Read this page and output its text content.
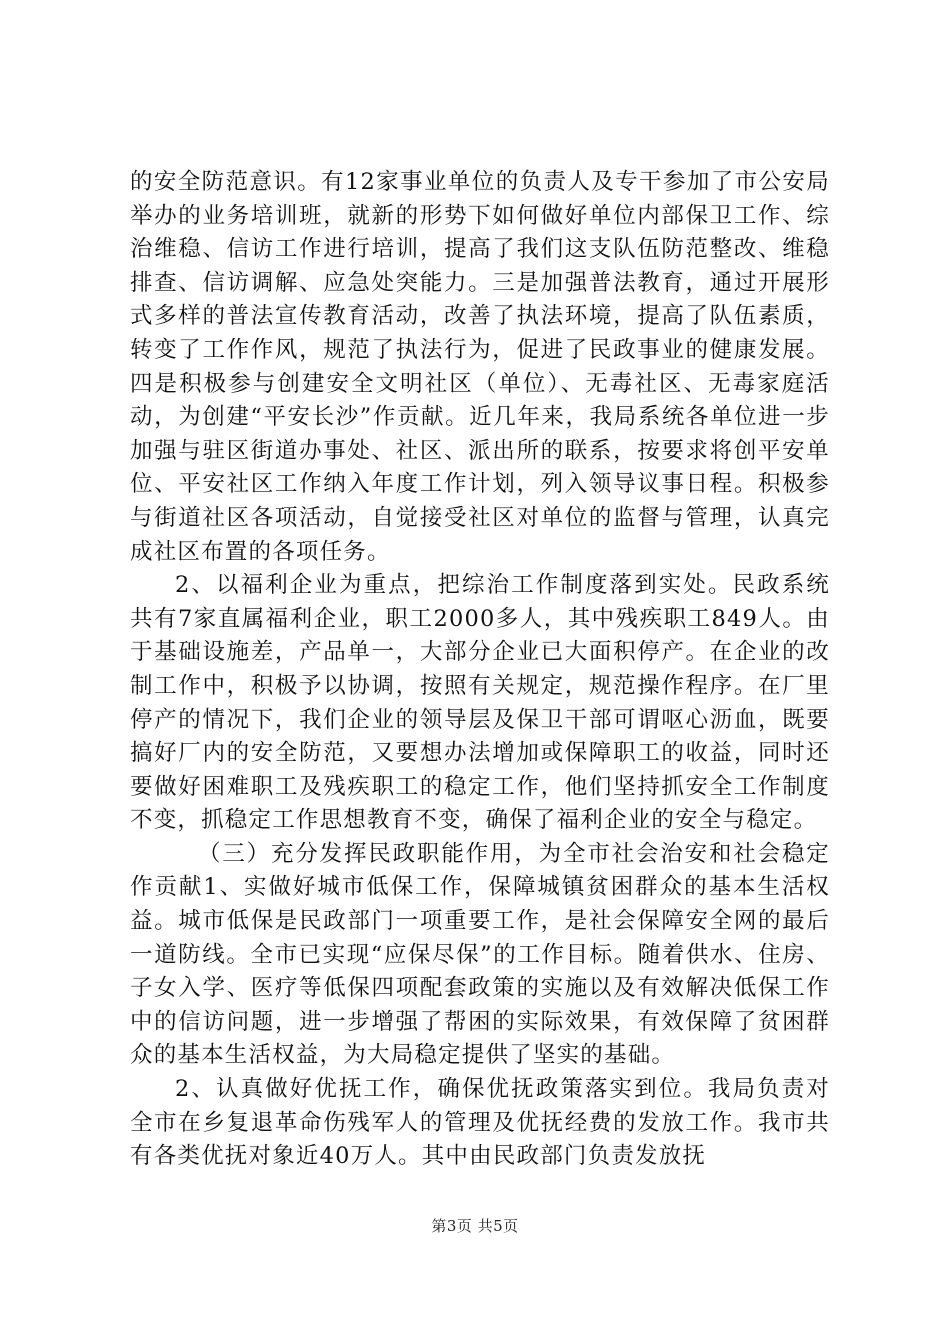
的安全防范意识。有12家事业单位的负责人及专干参加了市公安局举办的业务培训班，就新的形势下如何做好单位内部保卫工作、综治维稳、信访工作进行培训，提高了我们这支队伍防范整改、维稳排查、信访调解、应急处突能力。三是加强普法教育，通过开展形式多样的普法宣传教育活动，改善了执法环境，提高了队伍素质，转变了工作作风，规范了执法行为，促进了民政事业的健康发展。四是积极参与创建安全文明社区（单位）、无毒社区、无毒家庭活动，为创建“平安长沙”作贡献。近几年来，我局系统各单位进一步加强与驻区街道办事处、社区、派出所的联系，按要求将创平安单位、平安社区工作纳入年度工作计划，列入领导议事日程。积极参与街道社区各项活动，自觉接受社区对单位的监督与管理，认真完成社区布置的各项任务。

2、以福利企业为重点，把综治工作制度落到实处。民政系统共有7家直属福利企业，职工2000多人，其中残疾职工849人。由于基础设施差，产品单一，大部分企业已大面积停产。在企业的改制工作中，积极予以协调，按照有关规定，规范操作程序。在厂里停产的情况下，我们企业的领导层及保卫干部可谓呕心沥血，既要搞好厂内的安全防范，又要想办法增加或保障职工的收益，同时还要做好困难职工及残疾职工的稳定工作，他们坚持抓安全工作制度不变，抓稳定工作思想教育不变，确保了福利企业的安全与稳定。

（三）充分发挥民政职能作用，为全市社会治安和社会稳定作贡献1、实做好城市低保工作，保障城镇贫困群众的基本生活权益。城市低保是民政部门一项重要工作，是社会保障安全网的最后一道防线。全市已实现“应保尽保”的工作目标。随着供水、住房、子女入学、医疗等低保四项配套政策的实施以及有效解决低保工作中的信访问题，进一步增强了帮困的实际效果，有效保障了贫困群众的基本生活权益，为大局稳定提供了坚实的基础。

2、认真做好优抚工作，确保优抚政策落实到位。我局负责对全市在乡复退革命伤残军人的管理及优抚经费的发放工作。我市共有各类优抚对象近40万人。其中由民政部门负责发放抚

第3页 共5页
